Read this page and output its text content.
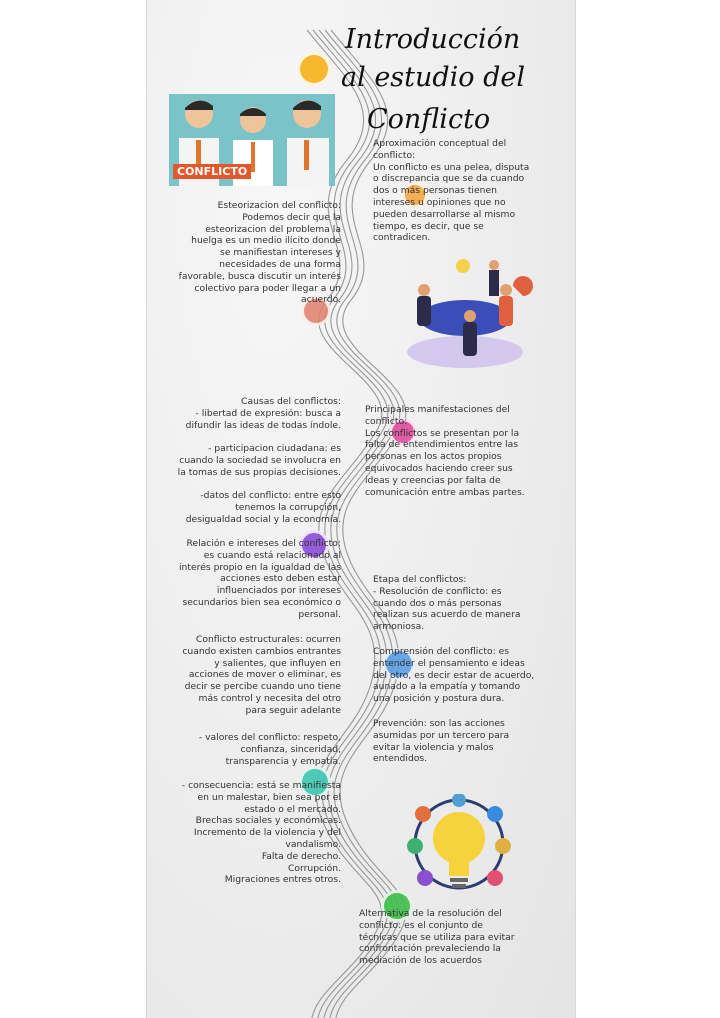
Introducción
al estudio del
Conflicto
CONFLICTO
Aproximación conceptual del
conflicto:
Un conflicto es una pelea, disputa
o discrepancia que se da cuando
dos o más personas tienen
intereses u opiniones que no
pueden desarrollarse al mismo
tiempo, es decir, que se
contradicen.
Esteorizacion del conflicto:
Podemos decir que la
esteorizacion del problema la
huelga es un medio ilícito donde
se manifiestan intereses y
necesidades de una forma
favorable, busca discutir un interés
colectivo para poder llegar a un
acuerdo.
Causas del conflictos:
- libertad de expresión: busca a
difundir las ideas de todas índole.

- participacion ciudadana: es
cuando la sociedad se involucra en
la tomas de sus propias decisiones.

-datos del conflicto: entre esto
tenemos la corrupción,
desigualdad social y la economía.
Principales manifestaciones del
conflicto:
Los conflictos se presentan por la
falta de entendimientos entre las
personas en los actos propios
equivocados haciendo creer sus
ideas y creencias por falta de
comunicación entre ambas partes.
Relación e intereses del conflicto:
es cuando está relacionado al
interés propio en la igualdad de las
acciones esto deben estar
influenciados por intereses
secundarios bien sea económico o
personal.
Etapa del conflictos:
- Resolución de conflicto: es
cuando dos o más personas
realizan sus acuerdo de manera
armoniosa.
Conflicto estructurales: ocurren
cuando existen cambios entrantes
y salientes, que influyen en
acciones de mover o eliminar, es
decir se percibe cuando uno tiene
más control y necesita del otro
para seguir adelante
Comprensión del conflicto: es
entender el pensamiento e ideas
del otro, es decir estar de acuerdo,
aunado a la empatía y tomando
una posición y postura dura.
- valores del conflicto: respeto,
confianza, sinceridad,
transparencia y empatía.
Prevención: son las acciones
asumidas por un tercero para
evitar la violencia y malos
entendidos.
- consecuencia: está se manifiesta
en un malestar, bien sea por el
estado o el mercado.
Brechas sociales y económicas.
Incremento de la violencia y del
vandalismo.
Falta de derecho.
Corrupción.
Migraciones entres otros.
Alternativa de la resolución del
conflicto: es el conjunto de
técnicas que se utiliza para evitar
confrontación prevaleciendo la
mediación de los acuerdos
